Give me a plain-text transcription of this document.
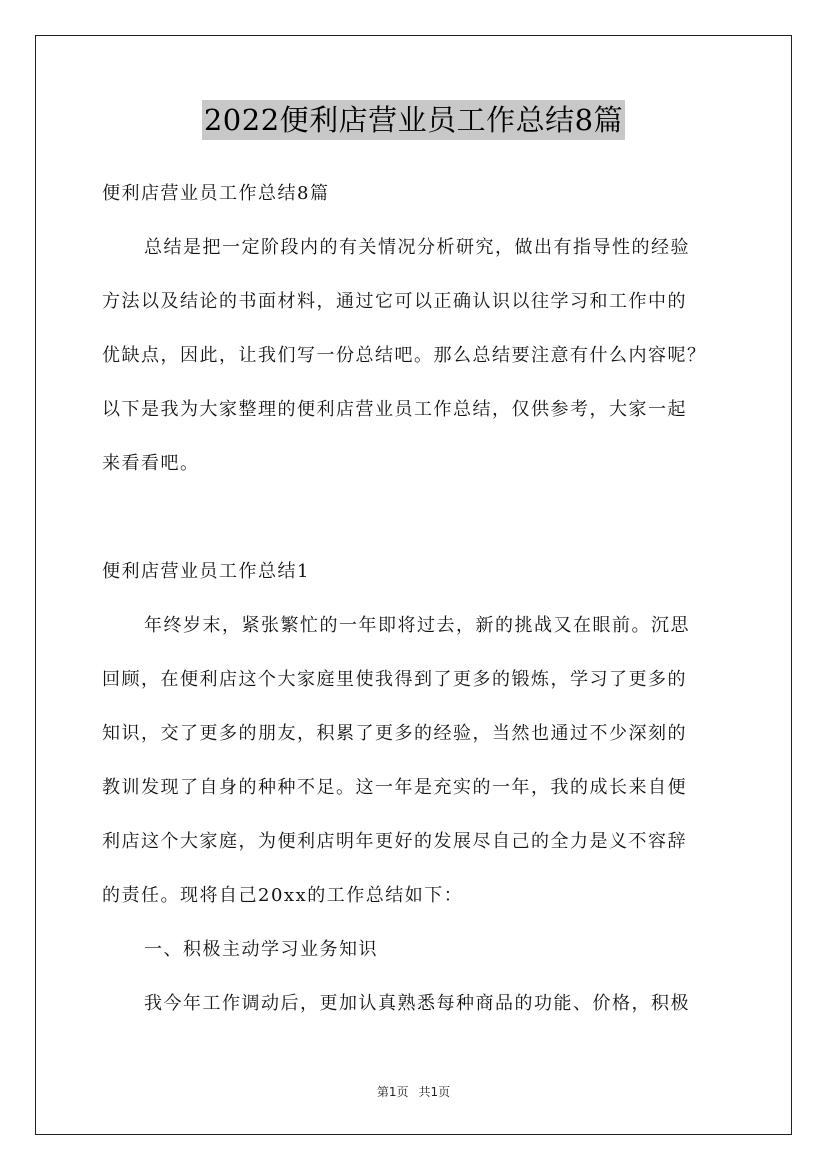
2022便利店营业员工作总结8篇
便利店营业员工作总结8篇
总结是把一定阶段内的有关情况分析研究，做出有指导性的经验
方法以及结论的书面材料，通过它可以正确认识以往学习和工作中的
优缺点，因此，让我们写一份总结吧。那么总结要注意有什么内容呢？
以下是我为大家整理的便利店营业员工作总结，仅供参考，大家一起
来看看吧。
便利店营业员工作总结1
年终岁末，紧张繁忙的一年即将过去，新的挑战又在眼前。沉思
回顾，在便利店这个大家庭里使我得到了更多的锻炼，学习了更多的
知识，交了更多的朋友，积累了更多的经验，当然也通过不少深刻的
教训发现了自身的种种不足。这一年是充实的一年，我的成长来自便
利店这个大家庭，为便利店明年更好的发展尽自己的全力是义不容辞
的责任。现将自己20xx的工作总结如下：
一、积极主动学习业务知识
我今年工作调动后，更加认真熟悉每种商品的功能、价格，积极
第1页 共1页
